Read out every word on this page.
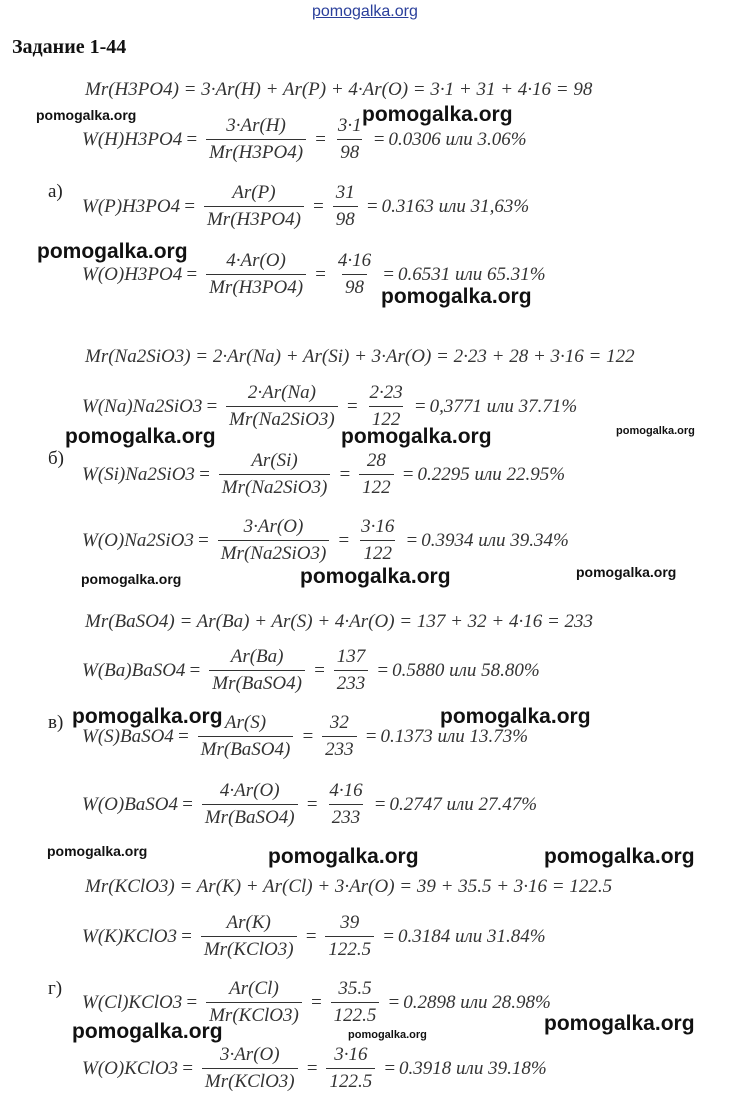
pomogalka.org
Задание 1-44
а)
б)
в)
г)
Mr(H3PO4) = 3·Ar(H) + Ar(P) + 4·Ar(O) = 3·1 + 31 + 4·16 = 98
$W(H)H3PO4 = \frac{3\cdot Ar(H)}{Mr(H3PO4)} = \frac{3\cdot 1}{98} = 0.0306$ или 3.06%
$W(P)H3PO4 = \frac{Ar(P)}{Mr(H3PO4)} = \frac{31}{98} = 0.3163$ или 31,63%
$W(O)H3PO4 = \frac{4\cdot Ar(O)}{Mr(H3PO4)} = \frac{4\cdot 16}{98} = 0.6531$ или 65.31%
Mr(Na2SiO3) = 2·Ar(Na) + Ar(Si) + 3·Ar(O) = 2·23 + 28 + 3·16 = 122
$W(Na)Na2SiO3 = \frac{2\cdot Ar(Na)}{\text{Mr(Na2SiO3)}} = \frac{2\cdot 23}{122} = 0,3771$ или 37.71%
$W(Si)Na2SiO3 = \frac{Ar(Si)}{\text{Mr(Na2SiO3)}} = \frac{28}{122} = 0.2295$ или 22.95%
$W(O)Na2SiO3 = \frac{3\cdot Ar(O)}{\text{Mr(Na2SiO3)}} = \frac{3\cdot 16}{122} = 0.3934$ или 39.34%
Mr(BaSO4) = Ar(Ba) + Ar(S) + 4·Ar(O) = 137 + 32 + 4·16 = 233
W(Ba)BaSO4 = $\frac{Ar(Ba)}{\text{Mr(BaSO4)}} = \frac{137}{233} = 0.5880$ или 58.80%
W(S)BaSO4 = $\frac{Ar(S)}{\text{Mr(BaSO4)}} = \frac{32}{233} = 0.1373$ или 13.73%
W(O)BaSO4 = $\frac{4\cdot Ar(O)}{\text{Mr(BaSO4)}} = \frac{4\cdot 16}{233} = 0.2747$ или 27.47%
Mr(KClO3) = Ar(K) + Ar(Cl) + 3·Ar(O) = 39 + 35.5 + 3·16 = 122.5
W(K)KClO3 = $\frac{Ar(K)}{\text{Mr(KClO3)}} = \frac{39}{122.5} = 0.3184$ или 31.84%
W(Cl)KClO3 = $\frac{Ar(Cl)}{\text{Mr(KClO3)}} = \frac{35.5}{122.5} = 0.2898$ или 28.98%
W(O)KClO3 = $\frac{3\cdot Ar(O)}{\text{Mr(KClO3)}} = \frac{3\cdot 16}{122.5} = 0.3918$ или 39.18%
pomogalka.org	pomogalka.org
pomogalka.org
pomogalka.org
pomogalka.org	pomogalka.org	pomogalka.org
pomogalka.org	pomogalka.org	pomogalka.org
pomogalka.org	pomogalka.org
pomogalka.org	pomogalka.org	pomogalka.org
pomogalka.org	pomogalka.org	pomogalka.org
